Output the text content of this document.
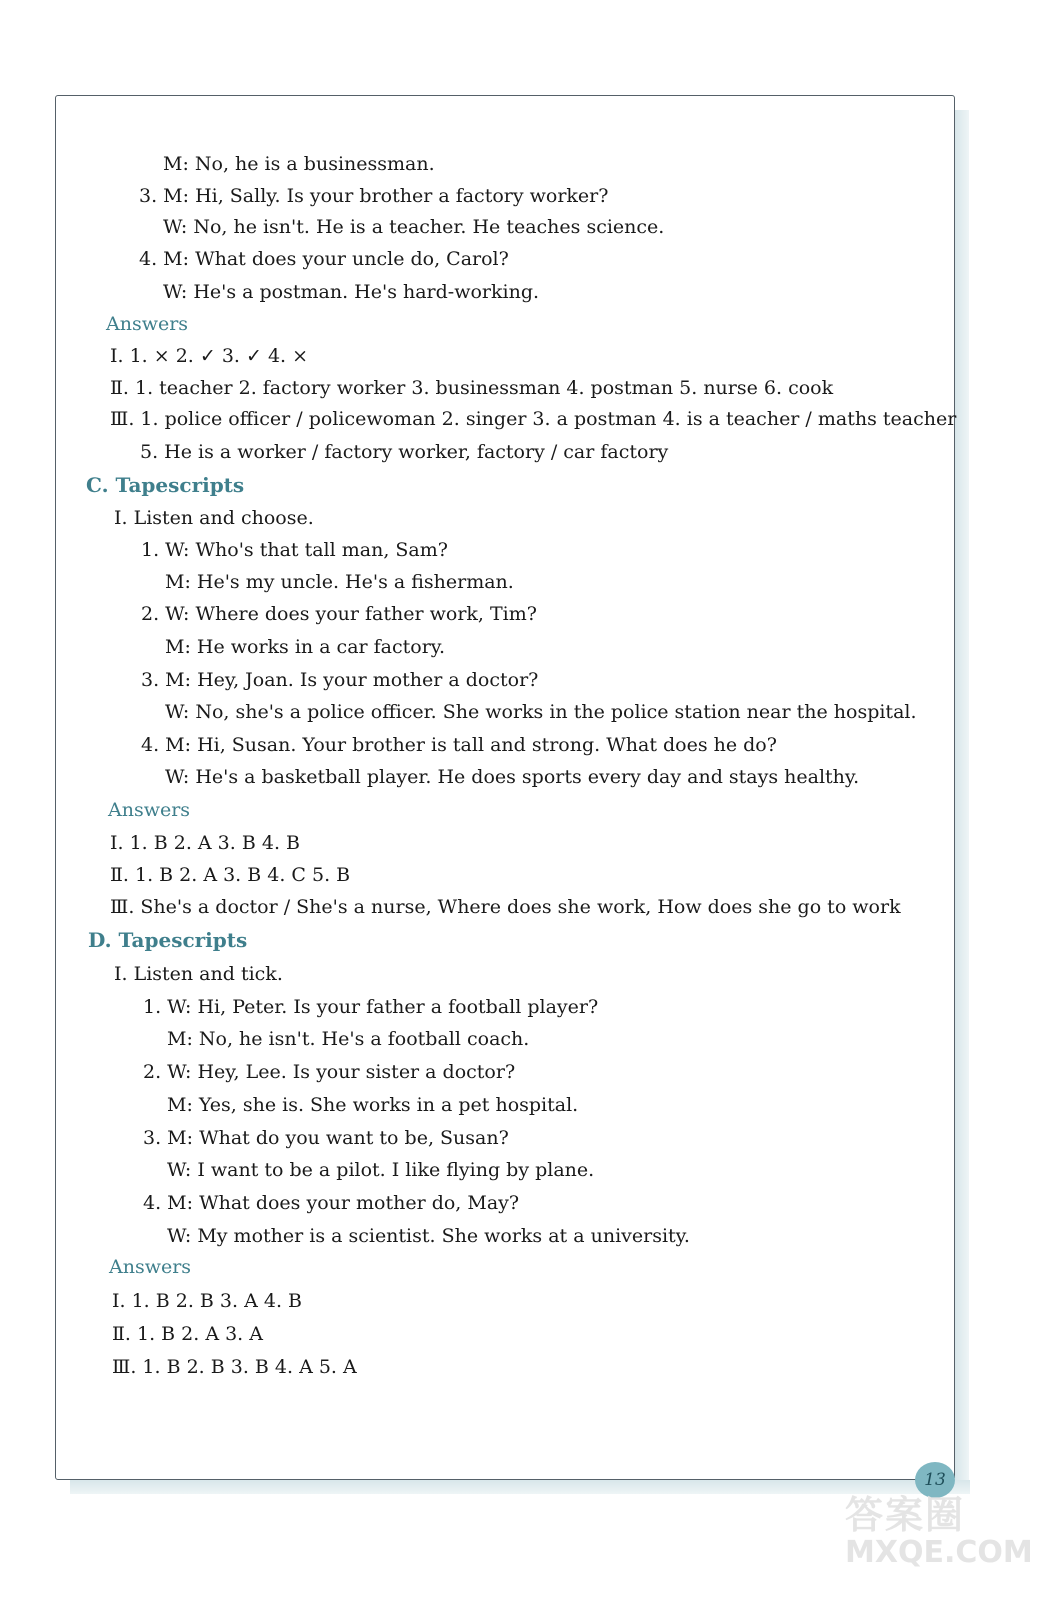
M: No, he is a businessman.
3. M: Hi, Sally. Is your brother a factory worker?
W: No, he isn't. He is a teacher. He teaches science.
4. M: What does your uncle do, Carol?
W: He's a postman. He's hard-working.
Answers
Ⅰ. 1. × 2. ✓ 3. ✓ 4. ×
Ⅱ. 1. teacher 2. factory worker 3. businessman 4. postman 5. nurse 6. cook
Ⅲ. 1. police officer / policewoman 2. singer 3. a postman 4. is a teacher / maths teacher
5. He is a worker / factory worker, factory / car factory
C. Tapescripts
Ⅰ. Listen and choose.
1. W: Who's that tall man, Sam?
M: He's my uncle. He's a fisherman.
2. W: Where does your father work, Tim?
M: He works in a car factory.
3. M: Hey, Joan. Is your mother a doctor?
W: No, she's a police officer. She works in the police station near the hospital.
4. M: Hi, Susan. Your brother is tall and strong. What does he do?
W: He's a basketball player. He does sports every day and stays healthy.
Answers
Ⅰ. 1. B 2. A 3. B 4. B
Ⅱ. 1. B 2. A 3. B 4. C 5. B
Ⅲ. She's a doctor / She's a nurse, Where does she work, How does she go to work
D. Tapescripts
Ⅰ. Listen and tick.
1. W: Hi, Peter. Is your father a football player?
M: No, he isn't. He's a football coach.
2. W: Hey, Lee. Is your sister a doctor?
M: Yes, she is. She works in a pet hospital.
3. M: What do you want to be, Susan?
W: I want to be a pilot. I like flying by plane.
4. M: What does your mother do, May?
W: My mother is a scientist. She works at a university.
Answers
Ⅰ. 1. B 2. B 3. A 4. B
Ⅱ. 1. B 2. A 3. A
Ⅲ. 1. B 2. B 3. B 4. A 5. A
13
答案圈
MXQE.COM
